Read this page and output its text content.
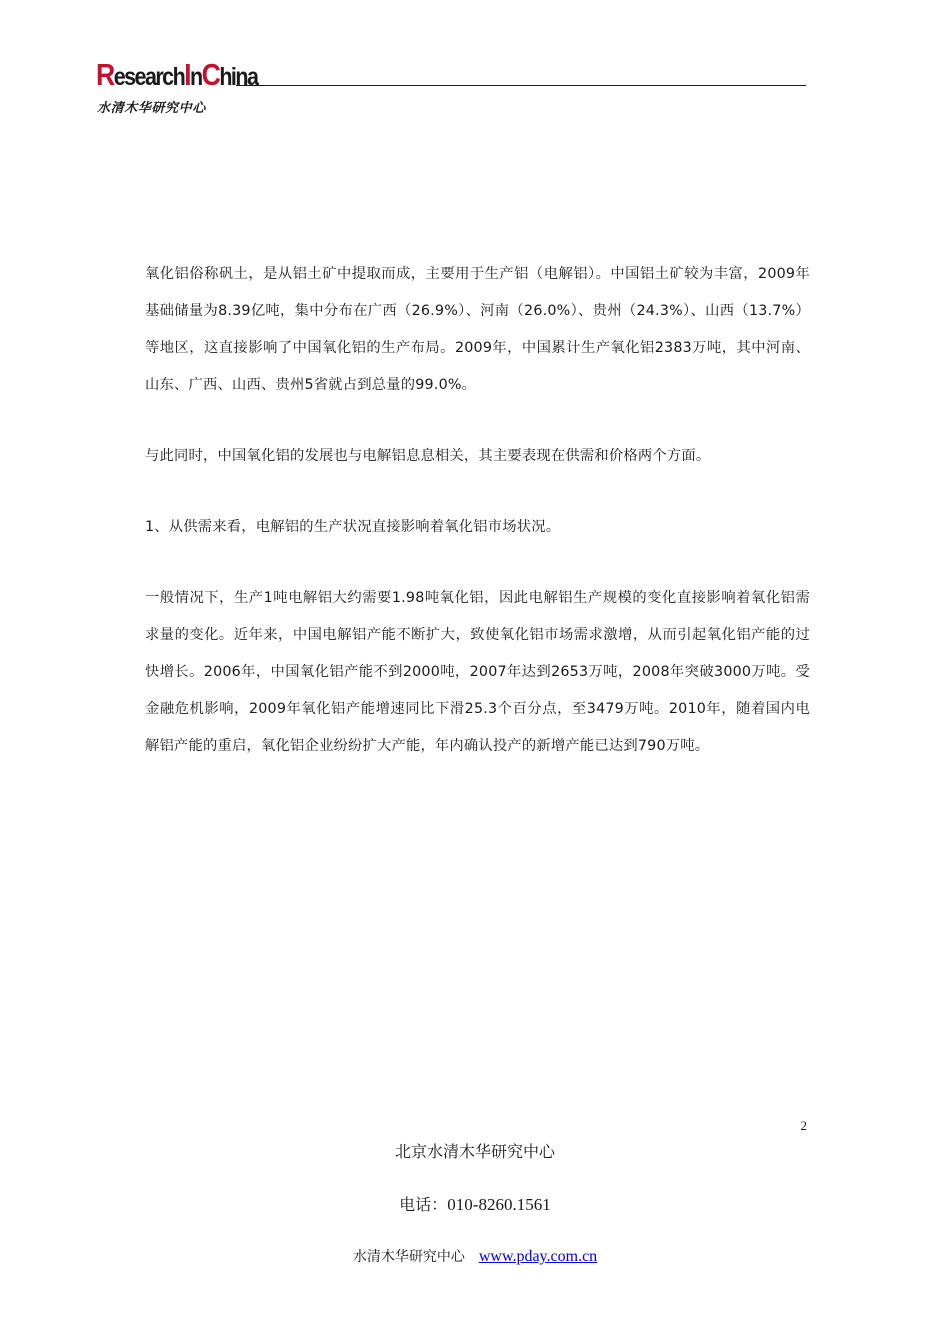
ResearchInChina
水清木华研究中心

氧化铝俗称矾土，是从铝土矿中提取而成，主要用于生产铝（电解铝）。中国铝土矿较为丰富，2009年基础储量为8.39亿吨，集中分布在广西（26.9%）、河南（26.0%）、贵州（24.3%）、山西（13.7%）等地区，这直接影响了中国氧化铝的生产布局。2009年，中国累计生产氧化铝2383万吨，其中河南、山东、广西、山西、贵州5省就占到总量的99.0%。

与此同时，中国氧化铝的发展也与电解铝息息相关，其主要表现在供需和价格两个方面。

1、从供需来看，电解铝的生产状况直接影响着氧化铝市场状况。

一般情况下，生产1吨电解铝大约需要1.98吨氧化铝，因此电解铝生产规模的变化直接影响着氧化铝需求量的变化。近年来，中国电解铝产能不断扩大，致使氧化铝市场需求激增，从而引起氧化铝产能的过快增长。2006年，中国氧化铝产能不到2000吨，2007年达到2653万吨，2008年突破3000万吨。受金融危机影响，2009年氧化铝产能增速同比下滑25.3个百分点，至3479万吨。2010年，随着国内电解铝产能的重启，氧化铝企业纷纷扩大产能，年内确认投产的新增产能已达到790万吨。

2
北京水清木华研究中心
电话：010-8260.1561
水清木华研究中心 www.pday.com.cn
